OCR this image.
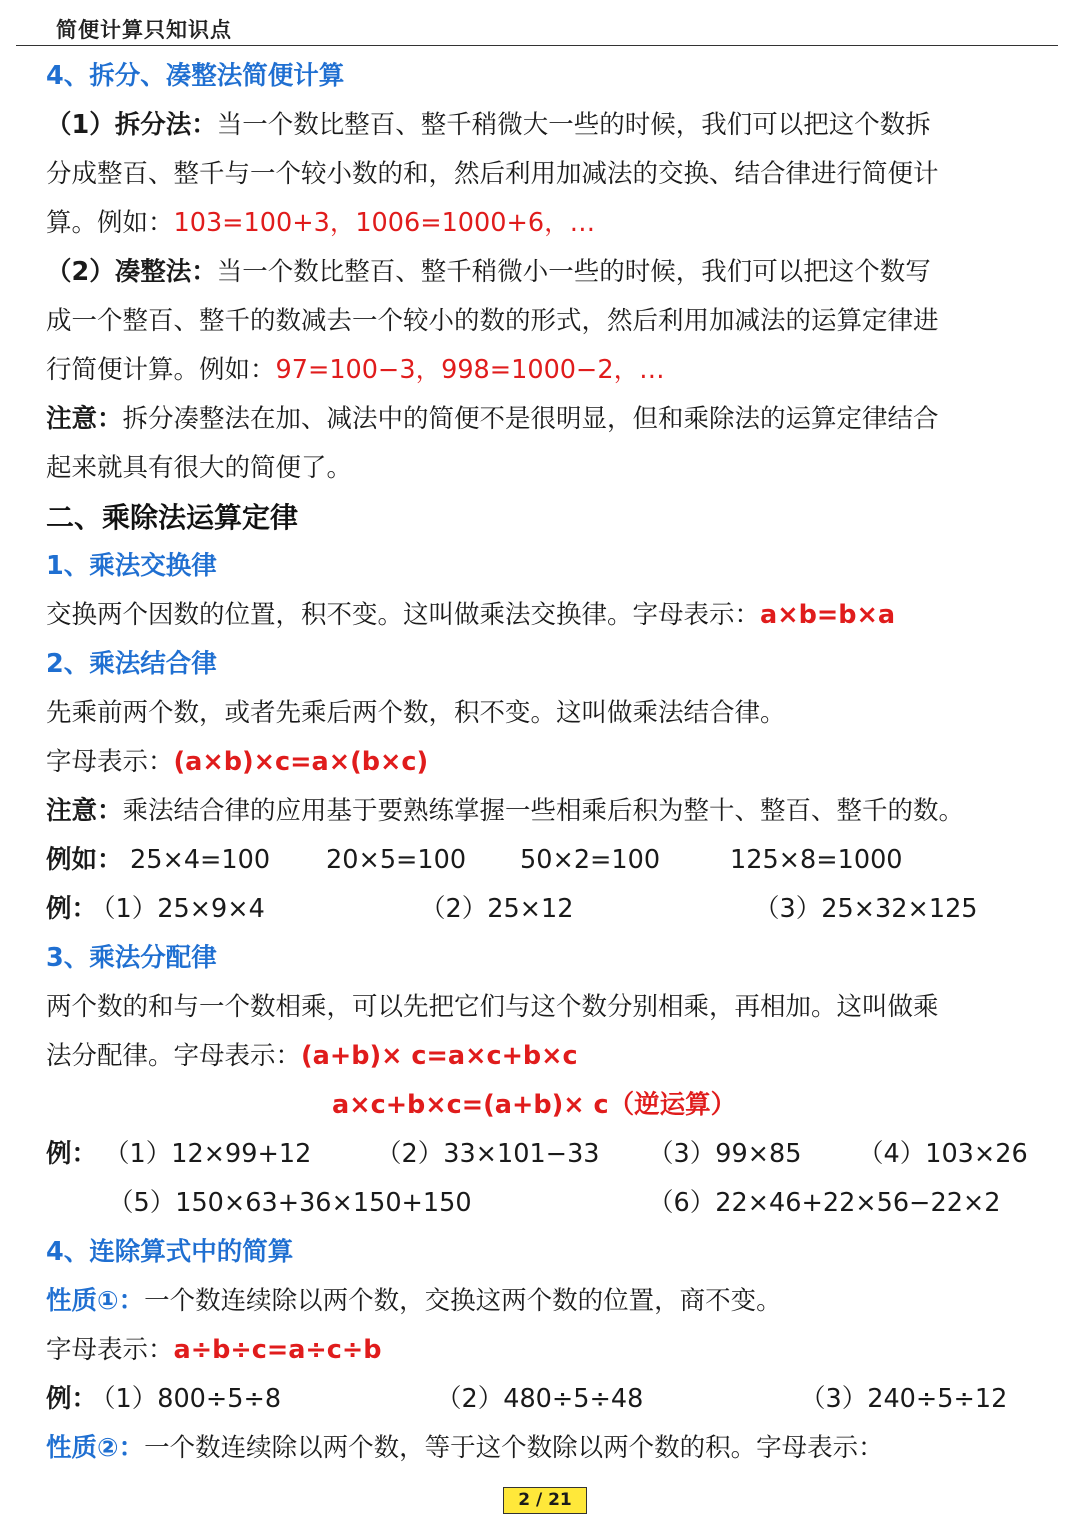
简便计算只知识点
4、拆分、凑整法简便计算
（1）拆分法：当一个数比整百、整千稍微大一些的时候，我们可以把这个数拆
分成整百、整千与一个较小数的和，然后利用加减法的交换、结合律进行简便计
算。例如：103=100+3，1006=1000+6，…
（2）凑整法：当一个数比整百、整千稍微小一些的时候，我们可以把这个数写
成一个整百、整千的数减去一个较小的数的形式，然后利用加减法的运算定律进
行简便计算。例如：97=100−3，998=1000−2，…
注意：拆分凑整法在加、减法中的简便不是很明显，但和乘除法的运算定律结合
起来就具有很大的简便了。
二、乘除法运算定律
1、乘法交换律
交换两个因数的位置，积不变。这叫做乘法交换律。字母表示：a×b=b×a
2、乘法结合律
先乘前两个数，或者先乘后两个数，积不变。这叫做乘法结合律。
字母表示：(a×b)×c=a×(b×c)
注意：乘法结合律的应用基于要熟练掌握一些相乘后积为整十、整百、整千的数。
例如： 25×4=100 20×5=100 50×2=100	125×8=1000
例：
（1）25×9×4	（2）25×12	（3）25×32×125
3、乘法分配律
两个数的和与一个数相乘，可以先把它们与这个数分别相乘，再相加。这叫做乘
法分配律。字母表示：(a+b)× c=a×c+b×c
a×c+b×c=(a+b)× c（逆运算）
例： （1）12×99+12	（2）33×101−33 （3）99×85 （4）103×26
（5）150×63+36×150+150	（6）22×46+22×56−22×2
4、连除算式中的简算
性质①：一个数连续除以两个数，交换这两个数的位置，商不变。
字母表示：a÷b÷c=a÷c÷b
例：
（1）800÷5÷8	（2）480÷5÷48	（3）240÷5÷12
性质②：一个数连续除以两个数，等于这个数除以两个数的积。字母表示：
2 / 21
